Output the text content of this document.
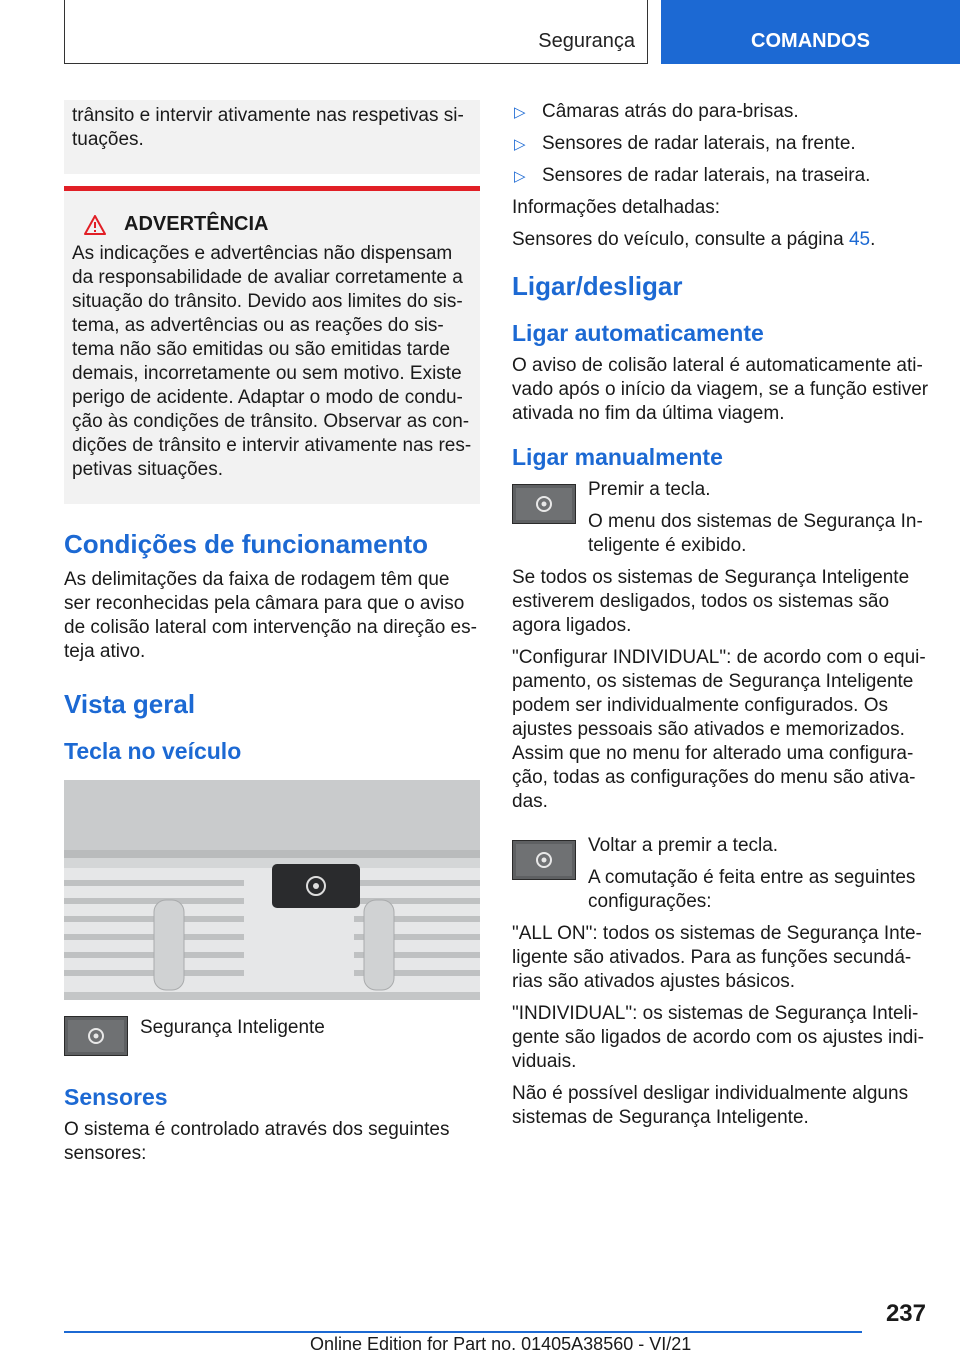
Segurança	COMANDOS

trânsito e intervir ativamente nas respetivas si-tuações.

ADVERTÊNCIA

As indicações e advertências não dispensam da responsabilidade de avaliar corretamente a situação do trânsito. Devido aos limites do sis-tema, as advertências ou as reações do sis-tema não são emitidas ou são emitidas tarde demais, incorretamente ou sem motivo. Existe perigo de acidente. Adaptar o modo de condu-ção às condições de trânsito. Observar as con-dições de trânsito e intervir ativamente nas res-petivas situações.

Condições de funcionamento

As delimitações da faixa de rodagem têm que ser reconhecidas pela câmara para que o aviso de colisão lateral com intervenção na direção es-teja ativo.

Vista geral
Tecla no veículo

Segurança Inteligente

Sensores

O sistema é controlado através dos seguintes sensores:

▷ Câmaras atrás do para-brisas.
▷ Sensores de radar laterais, na frente.
▷ Sensores de radar laterais, na traseira.

Informações detalhadas:

Sensores do veículo, consulte a página 45.

Ligar/desligar
Ligar automaticamente

O aviso de colisão lateral é automaticamente ati-vado após o início da viagem, se a função estiver ativada no fim da última viagem.

Ligar manualmente

Premir a tecla.

O menu dos sistemas de Segurança In-teligente é exibido.

Se todos os sistemas de Segurança Inteligente estiverem desligados, todos os sistemas são agora ligados.

"Configurar INDIVIDUAL": de acordo com o equi-pamento, os sistemas de Segurança Inteligente podem ser individualmente configurados. Os ajustes pessoais são ativados e memorizados. Assim que no menu for alterado uma configura-ção, todas as configurações do menu são ativa-das.

Voltar a premir a tecla.

A comutação é feita entre as seguintes configurações:

"ALL ON": todos os sistemas de Segurança Inte-ligente são ativados. Para as funções secundá-rias são ativados ajustes básicos.

"INDIVIDUAL": os sistemas de Segurança Inteli-gente são ligados de acordo com os ajustes indi-viduais.

Não é possível desligar individualmente alguns sistemas de Segurança Inteligente.

237
Online Edition for Part no. 01405A38560 - VI/21
